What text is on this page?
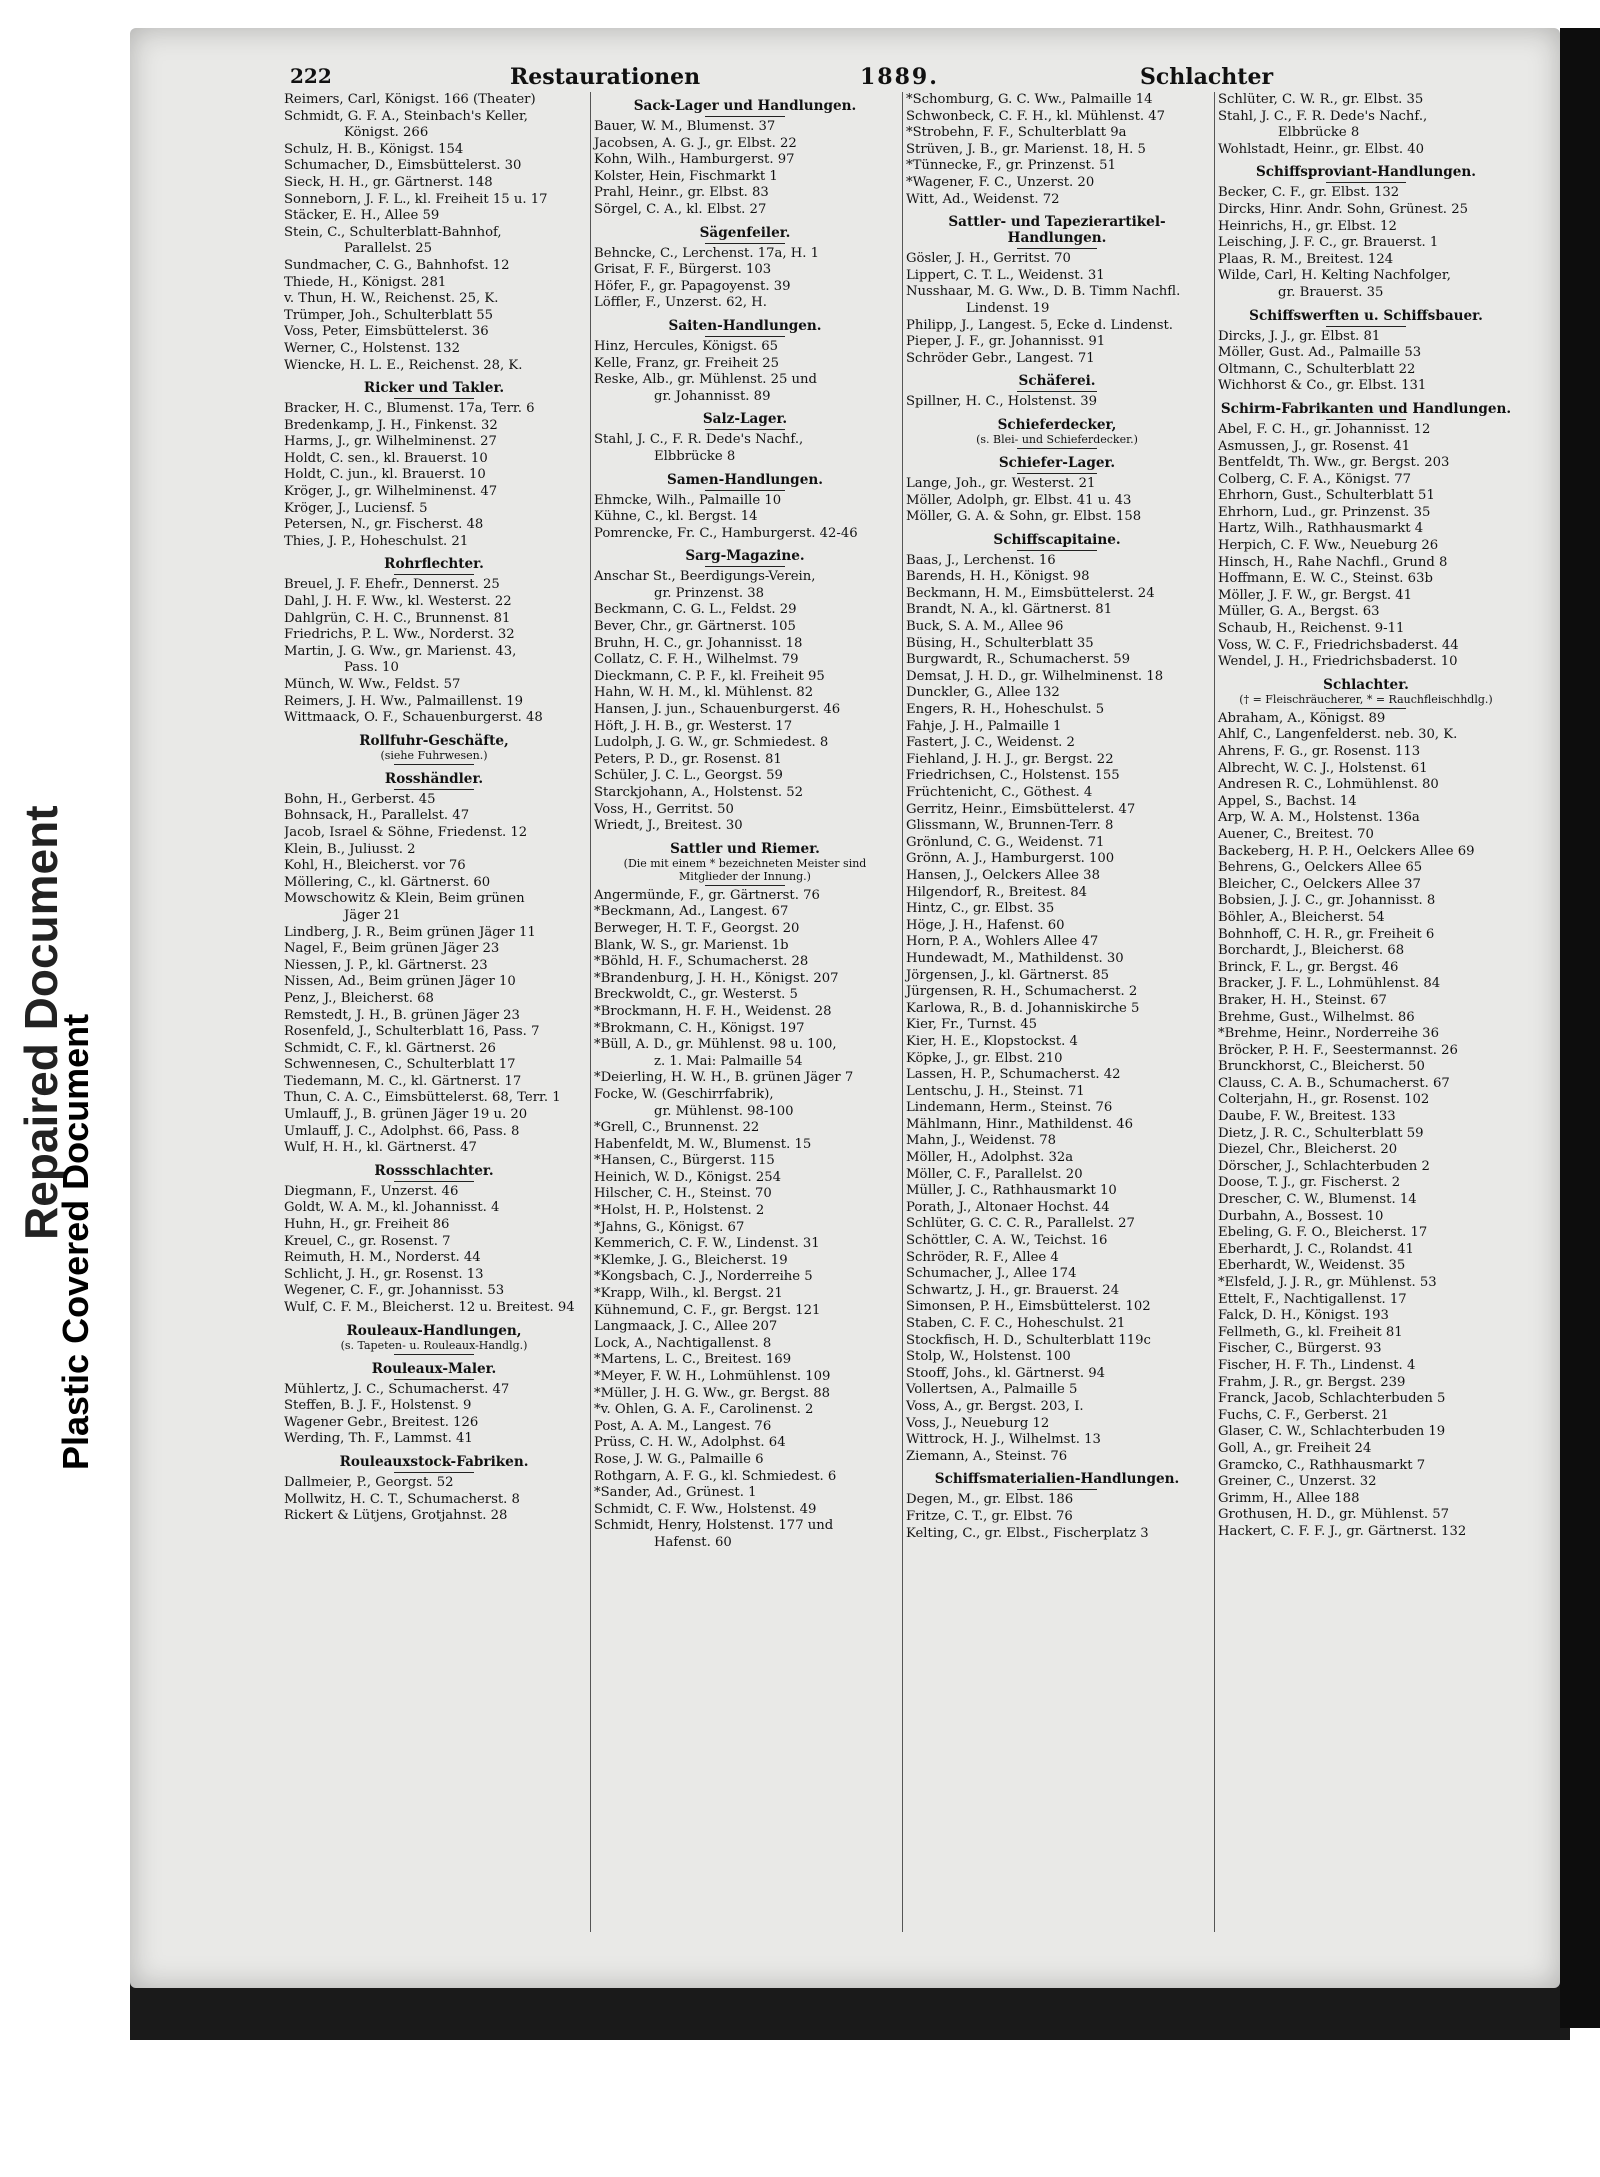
Repaired Document
Plastic Covered Document
222	Restaurationen	1889.	Schlachter
Reimers, Carl, Königst. 166 (Theater)
Schmidt, G. F. A., Steinbach's Keller,
Königst. 266
Schulz, H. B., Königst. 154
Schumacher, D., Eimsbüttelerst. 30
Sieck, H. H., gr. Gärtnerst. 148
Sonneborn, J. F. L., kl. Freiheit 15 u. 17
Stäcker, E. H., Allee 59
Stein, C., Schulterblatt-Bahnhof,
Parallelst. 25
Sundmacher, C. G., Bahnhofst. 12
Thiede, H., Königst. 281
v. Thun, H. W., Reichenst. 25, K.
Trümper, Joh., Schulterblatt 55
Voss, Peter, Eimsbüttelerst. 36
Werner, C., Holstenst. 132
Wiencke, H. L. E., Reichenst. 28, K.
Ricker und Takler.
Bracker, H. C., Blumenst. 17a, Terr. 6
Bredenkamp, J. H., Finkenst. 32
Harms, J., gr. Wilhelminenst. 27
Holdt, C. sen., kl. Brauerst. 10
Holdt, C. jun., kl. Brauerst. 10
Kröger, J., gr. Wilhelminenst. 47
Kröger, J., Luciensf. 5
Petersen, N., gr. Fischerst. 48
Thies, J. P., Hoheschulst. 21
Rohrflechter.
Breuel, J. F. Ehefr., Dennerst. 25
Dahl, J. H. F. Ww., kl. Westerst. 22
Dahlgrün, C. H. C., Brunnenst. 81
Friedrichs, P. L. Ww., Norderst. 32
Martin, J. G. Ww., gr. Marienst. 43,
Pass. 10
Münch, W. Ww., Feldst. 57
Reimers, J. H. Ww., Palmaillenst. 19
Wittmaack, O. F., Schauenburgerst. 48
Rollfuhr-Geschäfte,
(siehe Fuhrwesen.)
Rosshändler.
Bohn, H., Gerberst. 45
Bohnsack, H., Parallelst. 47
Jacob, Israel & Söhne, Friedenst. 12
Klein, B., Juliusst. 2
Kohl, H., Bleicherst. vor 76
Möllering, C., kl. Gärtnerst. 60
Mowschowitz & Klein, Beim grünen
Jäger 21
Lindberg, J. R., Beim grünen Jäger 11
Nagel, F., Beim grünen Jäger 23
Niessen, J. P., kl. Gärtnerst. 23
Nissen, Ad., Beim grünen Jäger 10
Penz, J., Bleicherst. 68
Remstedt, J. H., B. grünen Jäger 23
Rosenfeld, J., Schulterblatt 16, Pass. 7
Schmidt, C. F., kl. Gärtnerst. 26
Schwennesen, C., Schulterblatt 17
Tiedemann, M. C., kl. Gärtnerst. 17
Thun, C. A. C., Eimsbüttelerst. 68, Terr. 1
Umlauff, J., B. grünen Jäger 19 u. 20
Umlauff, J. C., Adolphst. 66, Pass. 8
Wulf, H. H., kl. Gärtnerst. 47
Rossschlachter.
Diegmann, F., Unzerst. 46
Goldt, W. A. M., kl. Johannisst. 4
Huhn, H., gr. Freiheit 86
Kreuel, C., gr. Rosenst. 7
Reimuth, H. M., Norderst. 44
Schlicht, J. H., gr. Rosenst. 13
Wegener, C. F., gr. Johannisst. 53
Wulf, C. F. M., Bleicherst. 12 u. Breitest. 94
Rouleaux-Handlungen,
(s. Tapeten- u. Rouleaux-Handlg.)
Rouleaux-Maler.
Mühlertz, J. C., Schumacherst. 47
Steffen, B. J. F., Holstenst. 9
Wagener Gebr., Breitest. 126
Werding, Th. F., Lammst. 41
Rouleauxstock-Fabriken.
Dallmeier, P., Georgst. 52
Mollwitz, H. C. T., Schumacherst. 8
Rickert & Lütjens, Grotjahnst. 28
Sack-Lager und Handlungen.
Bauer, W. M., Blumenst. 37
Jacobsen, A. G. J., gr. Elbst. 22
Kohn, Wilh., Hamburgerst. 97
Kolster, Hein, Fischmarkt 1
Prahl, Heinr., gr. Elbst. 83
Sörgel, C. A., kl. Elbst. 27
Sägenfeiler.
Behncke, C., Lerchenst. 17a, H. 1
Grisat, F. F., Bürgerst. 103
Höfer, F., gr. Papagoyenst. 39
Löffler, F., Unzerst. 62, H.
Saiten-Handlungen.
Hinz, Hercules, Königst. 65
Kelle, Franz, gr. Freiheit 25
Reske, Alb., gr. Mühlenst. 25 und
gr. Johannisst. 89
Salz-Lager.
Stahl, J. C., F. R. Dede's Nachf.,
Elbbrücke 8
Samen-Handlungen.
Ehmcke, Wilh., Palmaille 10
Kühne, C., kl. Bergst. 14
Pomrencke, Fr. C., Hamburgerst. 42-46
Sarg-Magazine.
Anschar St., Beerdigungs-Verein,
gr. Prinzenst. 38
Beckmann, C. G. L., Feldst. 29
Bever, Chr., gr. Gärtnerst. 105
Bruhn, H. C., gr. Johannisst. 18
Collatz, C. F. H., Wilhelmst. 79
Dieckmann, C. P. F., kl. Freiheit 95
Hahn, W. H. M., kl. Mühlenst. 82
Hansen, J. jun., Schauenburgerst. 46
Höft, J. H. B., gr. Westerst. 17
Ludolph, J. G. W., gr. Schmiedest. 8
Peters, P. D., gr. Rosenst. 81
Schüler, J. C. L., Georgst. 59
Starckjohann, A., Holstenst. 52
Voss, H., Gerritst. 50
Wriedt, J., Breitest. 30
Sattler und Riemer.
(Die mit einem * bezeichneten Meister sind Mitglieder der Innung.)
Angermünde, F., gr. Gärtnerst. 76
*Beckmann, Ad., Langest. 67
Berweger, H. T. F., Georgst. 20
Blank, W. S., gr. Marienst. 1b
*Böhld, H. F., Schumacherst. 28
*Brandenburg, J. H. H., Königst. 207
Breckwoldt, C., gr. Westerst. 5
*Brockmann, H. F. H., Weidenst. 28
*Brokmann, C. H., Königst. 197
*Büll, A. D., gr. Mühlenst. 98 u. 100,
z. 1. Mai: Palmaille 54
*Deierling, H. W. H., B. grünen Jäger 7
Focke, W. (Geschirrfabrik),
gr. Mühlenst. 98-100
*Grell, C., Brunnenst. 22
Habenfeldt, M. W., Blumenst. 15
*Hansen, C., Bürgerst. 115
Heinich, W. D., Königst. 254
Hilscher, C. H., Steinst. 70
*Holst, H. P., Holstenst. 2
*Jahns, G., Königst. 67
Kemmerich, C. F. W., Lindenst. 31
*Klemke, J. G., Bleicherst. 19
*Kongsbach, C. J., Norderreihe 5
*Krapp, Wilh., kl. Bergst. 21
Kühnemund, C. F., gr. Bergst. 121
Langmaack, J. C., Allee 207
Lock, A., Nachtigallenst. 8
*Martens, L. C., Breitest. 169
*Meyer, F. W. H., Lohmühlenst. 109
*Müller, J. H. G. Ww., gr. Bergst. 88
*v. Ohlen, G. A. F., Carolinenst. 2
Post, A. A. M., Langest. 76
Prüss, C. H. W., Adolphst. 64
Rose, J. W. G., Palmaille 6
Rothgarn, A. F. G., kl. Schmiedest. 6
*Sander, Ad., Grünest. 1
Schmidt, C. F. Ww., Holstenst. 49
Schmidt, Henry, Holstenst. 177 und
Hafenst. 60
*Schomburg, G. C. Ww., Palmaille 14
Schwonbeck, C. F. H., kl. Mühlenst. 47
*Strobehn, F. F., Schulterblatt 9a
Strüven, J. B., gr. Marienst. 18, H. 5
*Tünnecke, F., gr. Prinzenst. 51
*Wagener, F. C., Unzerst. 20
Witt, Ad., Weidenst. 72
Sattler- und Tapezierartikel-Handlungen.
Gösler, J. H., Gerritst. 70
Lippert, C. T. L., Weidenst. 31
Nusshaar, M. G. Ww., D. B. Timm Nachfl.
Lindenst. 19
Philipp, J., Langest. 5, Ecke d. Lindenst.
Pieper, J. F., gr. Johannisst. 91
Schröder Gebr., Langest. 71
Schäferei.
Spillner, H. C., Holstenst. 39
Schieferdecker,
(s. Blei- und Schieferdecker.)
Schiefer-Lager.
Lange, Joh., gr. Westerst. 21
Möller, Adolph, gr. Elbst. 41 u. 43
Möller, G. A. & Sohn, gr. Elbst. 158
Schiffscapitaine.
Baas, J., Lerchenst. 16
Barends, H. H., Königst. 98
Beckmann, H. M., Eimsbüttelerst. 24
Brandt, N. A., kl. Gärtnerst. 81
Buck, S. A. M., Allee 96
Büsing, H., Schulterblatt 35
Burgwardt, R., Schumacherst. 59
Demsat, J. H. D., gr. Wilhelminenst. 18
Dunckler, G., Allee 132
Engers, R. H., Hoheschulst. 5
Fahje, J. H., Palmaille 1
Fastert, J. C., Weidenst. 2
Fiehland, J. H. J., gr. Bergst. 22
Friedrichsen, C., Holstenst. 155
Früchtenicht, C., Göthest. 4
Gerritz, Heinr., Eimsbüttelerst. 47
Glissmann, W., Brunnen-Terr. 8
Grönlund, C. G., Weidenst. 71
Grönn, A. J., Hamburgerst. 100
Hansen, J., Oelckers Allee 38
Hilgendorf, R., Breitest. 84
Hintz, C., gr. Elbst. 35
Höge, J. H., Hafenst. 60
Horn, P. A., Wohlers Allee 47
Hundewadt, M., Mathildenst. 30
Jörgensen, J., kl. Gärtnerst. 85
Jürgensen, R. H., Schumacherst. 2
Karlowa, R., B. d. Johanniskirche 5
Kier, Fr., Turnst. 45
Kier, H. E., Klopstockst. 4
Köpke, J., gr. Elbst. 210
Lassen, H. P., Schumacherst. 42
Lentschu, J. H., Steinst. 71
Lindemann, Herm., Steinst. 76
Mählmann, Hinr., Mathildenst. 46
Mahn, J., Weidenst. 78
Möller, H., Adolphst. 32a
Möller, C. F., Parallelst. 20
Müller, J. C., Rathhausmarkt 10
Porath, J., Altonaer Hochst. 44
Schlüter, G. C. C. R., Parallelst. 27
Schöttler, C. A. W., Teichst. 16
Schröder, R. F., Allee 4
Schumacher, J., Allee 174
Schwartz, J. H., gr. Brauerst. 24
Simonsen, P. H., Eimsbüttelerst. 102
Staben, C. F. C., Hoheschulst. 21
Stockfisch, H. D., Schulterblatt 119c
Stolp, W., Holstenst. 100
Stooff, Johs., kl. Gärtnerst. 94
Vollertsen, A., Palmaille 5
Voss, A., gr. Bergst. 203, I.
Voss, J., Neueburg 12
Wittrock, H. J., Wilhelmst. 13
Ziemann, A., Steinst. 76
Schiffsmaterialien-Handlungen.
Degen, M., gr. Elbst. 186
Fritze, C. T., gr. Elbst. 76
Kelting, C., gr. Elbst., Fischerplatz 3
Schlüter, C. W. R., gr. Elbst. 35
Stahl, J. C., F. R. Dede's Nachf.,
Elbbrücke 8
Wohlstadt, Heinr., gr. Elbst. 40
Schiffsproviant-Handlungen.
Becker, C. F., gr. Elbst. 132
Dircks, Hinr. Andr. Sohn, Grünest. 25
Heinrichs, H., gr. Elbst. 12
Leisching, J. F. C., gr. Brauerst. 1
Plaas, R. M., Breitest. 124
Wilde, Carl, H. Kelting Nachfolger,
gr. Brauerst. 35
Schiffswerften u. Schiffsbauer.
Dircks, J. J., gr. Elbst. 81
Möller, Gust. Ad., Palmaille 53
Oltmann, C., Schulterblatt 22
Wichhorst & Co., gr. Elbst. 131
Schirm-Fabrikanten und Handlungen.
Abel, F. C. H., gr. Johannisst. 12
Asmussen, J., gr. Rosenst. 41
Bentfeldt, Th. Ww., gr. Bergst. 203
Colberg, C. F. A., Königst. 77
Ehrhorn, Gust., Schulterblatt 51
Ehrhorn, Lud., gr. Prinzenst. 35
Hartz, Wilh., Rathhausmarkt 4
Herpich, C. F. Ww., Neueburg 26
Hinsch, H., Rahe Nachfl., Grund 8
Hoffmann, E. W. C., Steinst. 63b
Möller, J. F. W., gr. Bergst. 41
Müller, G. A., Bergst. 63
Schaub, H., Reichenst. 9-11
Voss, W. C. F., Friedrichsbaderst. 44
Wendel, J. H., Friedrichsbaderst. 10
Schlachter.
(† = Fleischräucherer, * = Rauchfleischhdlg.)
Abraham, A., Königst. 89
Ahlf, C., Langenfelderst. neb. 30, K.
Ahrens, F. G., gr. Rosenst. 113
Albrecht, W. C. J., Holstenst. 61
Andresen R. C., Lohmühlenst. 80
Appel, S., Bachst. 14
Arp, W. A. M., Holstenst. 136a
Auener, C., Breitest. 70
Backeberg, H. P. H., Oelckers Allee 69
Behrens, G., Oelckers Allee 65
Bleicher, C., Oelckers Allee 37
Bobsien, J. J. C., gr. Johannisst. 8
Böhler, A., Bleicherst. 54
Bohnhoff, C. H. R., gr. Freiheit 6
Borchardt, J., Bleicherst. 68
Brinck, F. L., gr. Bergst. 46
Bracker, J. F. L., Lohmühlenst. 84
Braker, H. H., Steinst. 67
Brehme, Gust., Wilhelmst. 86
*Brehme, Heinr., Norderreihe 36
Bröcker, P. H. F., Seestermannst. 26
Brunckhorst, C., Bleicherst. 50
Clauss, C. A. B., Schumacherst. 67
Colterjahn, H., gr. Rosenst. 102
Daube, F. W., Breitest. 133
Dietz, J. R. C., Schulterblatt 59
Diezel, Chr., Bleicherst. 20
Dörscher, J., Schlachterbuden 2
Doose, T. J., gr. Fischerst. 2
Drescher, C. W., Blumenst. 14
Durbahn, A., Bossest. 10
Ebeling, G. F. O., Bleicherst. 17
Eberhardt, J. C., Rolandst. 41
Eberhardt, W., Weidenst. 35
*Elsfeld, J. J. R., gr. Mühlenst. 53
Ettelt, F., Nachtigallenst. 17
Falck, D. H., Königst. 193
Fellmeth, G., kl. Freiheit 81
Fischer, C., Bürgerst. 93
Fischer, H. F. Th., Lindenst. 4
Frahm, J. R., gr. Bergst. 239
Franck, Jacob, Schlachterbuden 5
Fuchs, C. F., Gerberst. 21
Glaser, C. W., Schlachterbuden 19
Goll, A., gr. Freiheit 24
Gramcko, C., Rathhausmarkt 7
Greiner, C., Unzerst. 32
Grimm, H., Allee 188
Grothusen, H. D., gr. Mühlenst. 57
Hackert, C. F. F. J., gr. Gärtnerst. 132
